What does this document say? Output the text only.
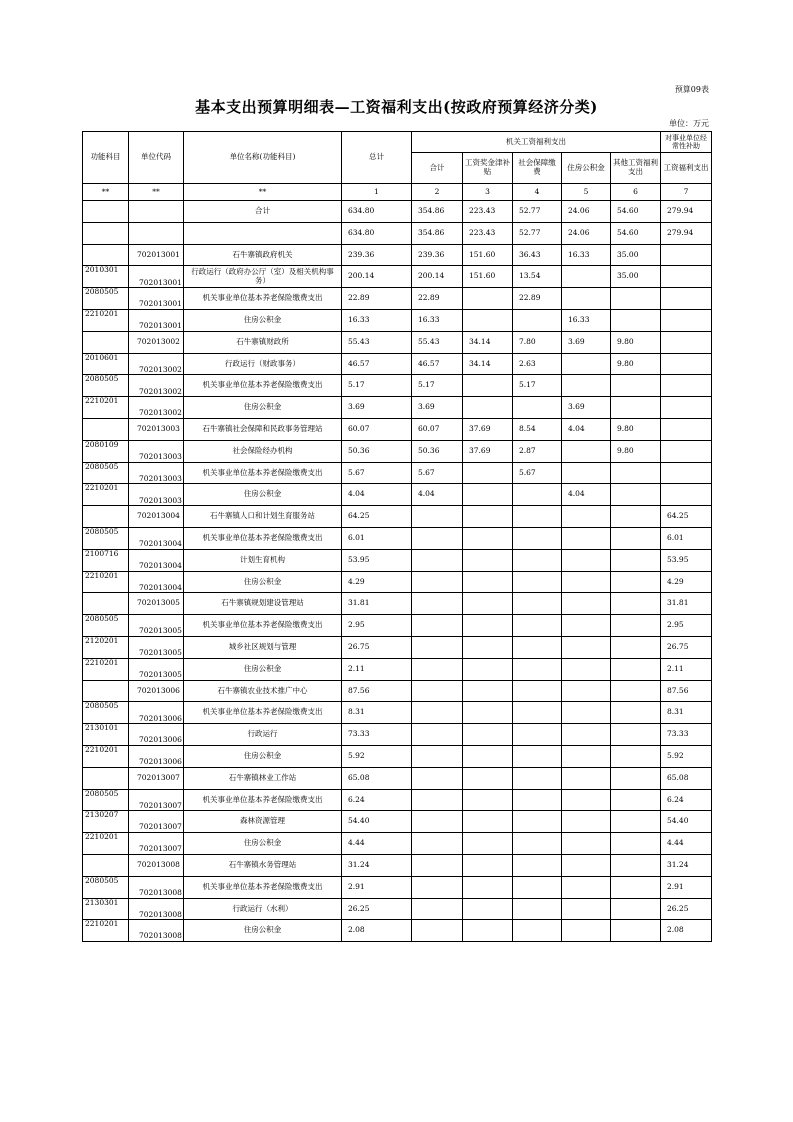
预算09表
基本支出预算明细表—工资福利支出(按政府预算经济分类)
单位：万元
功能科目	单位代码	单位名称(功能科目)	总计	机关工资福利支出					对事业单位经常性补助
				合计	工资奖金津补贴	社会保障缴费	住房公积金	其他工资福利支出	工资福利支出
**	**	**	1	2	3	4	5	6	7
		合计	634.80	354.86	223.43	52.77	24.06	54.60	279.94
			634.80	354.86	223.43	52.77	24.06	54.60	279.94
	702013001	石牛寨镇政府机关	239.36	239.36	151.60	36.43	16.33	35.00	
2010301	702013001	行政运行（政府办公厅（室）及相关机构事务）	200.14	200.14	151.60	13.54		35.00	
2080505	702013001	机关事业单位基本养老保险缴费支出	22.89	22.89		22.89			
2210201	702013001	住房公积金	16.33	16.33			16.33		
	702013002	石牛寨镇财政所	55.43	55.43	34.14	7.80	3.69	9.80	
2010601	702013002	行政运行（财政事务）	46.57	46.57	34.14	2.63		9.80	
2080505	702013002	机关事业单位基本养老保险缴费支出	5.17	5.17		5.17			
2210201	702013002	住房公积金	3.69	3.69			3.69		
	702013003	石牛寨镇社会保障和民政事务管理站	60.07	60.07	37.69	8.54	4.04	9.80	
2080109	702013003	社会保险经办机构	50.36	50.36	37.69	2.87		9.80	
2080505	702013003	机关事业单位基本养老保险缴费支出	5.67	5.67		5.67			
2210201	702013003	住房公积金	4.04	4.04			4.04		
	702013004	石牛寨镇人口和计划生育服务站	64.25						64.25
2080505	702013004	机关事业单位基本养老保险缴费支出	6.01						6.01
2100716	702013004	计划生育机构	53.95						53.95
2210201	702013004	住房公积金	4.29						4.29
	702013005	石牛寨镇规划建设管理站	31.81						31.81
2080505	702013005	机关事业单位基本养老保险缴费支出	2.95						2.95
2120201	702013005	城乡社区规划与管理	26.75						26.75
2210201	702013005	住房公积金	2.11						2.11
	702013006	石牛寨镇农业技术推广中心	87.56						87.56
2080505	702013006	机关事业单位基本养老保险缴费支出	8.31						8.31
2130101	702013006	行政运行	73.33						73.33
2210201	702013006	住房公积金	5.92						5.92
	702013007	石牛寨镇林业工作站	65.08						65.08
2080505	702013007	机关事业单位基本养老保险缴费支出	6.24						6.24
2130207	702013007	森林资源管理	54.40						54.40
2210201	702013007	住房公积金	4.44						4.44
	702013008	石牛寨镇水务管理站	31.24						31.24
2080505	702013008	机关事业单位基本养老保险缴费支出	2.91						2.91
2130301	702013008	行政运行（水利）	26.25						26.25
2210201	702013008	住房公积金	2.08						2.08
